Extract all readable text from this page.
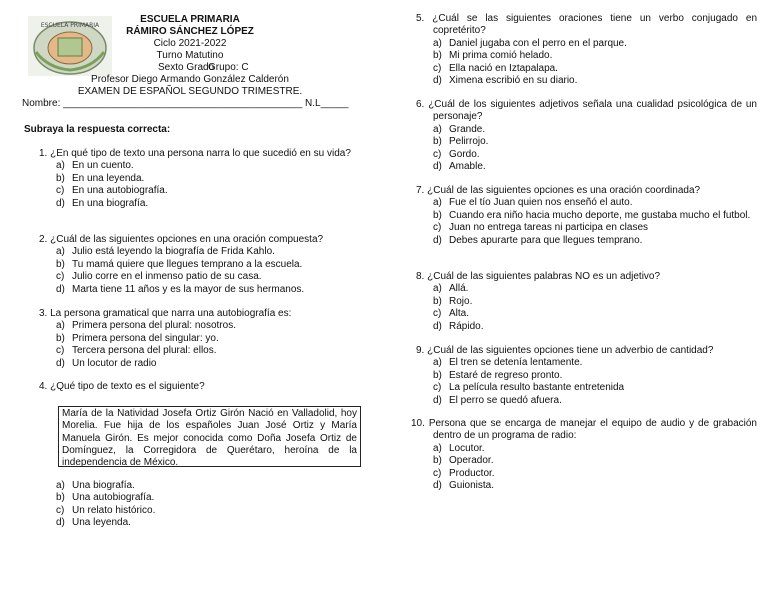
ESCUELA PRIMARIA
ESCUELA PRIMARIA
RÁMIRO SÁNCHEZ LÓPEZ
Ciclo 2021-2022
Turno Matutino
Sexto Grado
Grupo: C
Profesor Diego Armando González Calderón
EXAMEN DE ESPAÑOL SEGUNDO TRIMESTRE.
Nombre: ___________________________________________ N.L_____
Subraya la respuesta correcta:
1. ¿En qué tipo de texto una persona narra lo que sucedió en su vida?
a) En un cuento.
b) En una leyenda.
c) En una autobiografía.
d) En una biografía.
2. ¿Cuál de las siguientes opciones en una oración compuesta?
a) Julio está leyendo la biografía de Frida Kahlo.
b) Tu mamá quiere que llegues temprano a la escuela.
c) Julio corre en el inmenso patio de su casa.
d) Marta tiene 11 años y es la mayor de sus hermanos.
3. La persona gramatical que narra una autobiografía es:
a) Primera persona del plural: nosotros.
b) Primera persona del singular: yo.
c) Tercera persona del plural: ellos.
d) Un locutor de radio
4. ¿Qué tipo de texto es el siguiente?
María de la Natividad Josefa Ortiz Girón Nació en Valladolid, hoy Morelia. Fue hija de los españoles Juan José Ortiz y María Manuela Girón. Es mejor conocida como Doña Josefa Ortiz de Domínguez, la Corregidora de Querétaro, heroína de la independencia de México.
a) Una biografía.
b) Una autobiografía.
c) Un relato histórico.
d) Una leyenda.
5. ¿Cuál se las siguientes oraciones tiene un verbo conjugado en copretérito?
a) Daniel jugaba con el perro en el parque.
b) Mi prima comió helado.
c) Ella nació en Iztapalapa.
d) Ximena escribió en su diario.
6. ¿Cuál de los siguientes adjetivos señala una cualidad psicológica de un personaje?
a) Grande.
b) Pelirrojo.
c) Gordo.
d) Amable.
7. ¿Cuál de las siguientes opciones es una oración coordinada?
a) Fue el tío Juan quien nos enseñó el auto.
b) Cuando era niño hacia mucho deporte, me gustaba mucho el futbol.
c) Juan no entrega tareas ni participa en clases
d) Debes apurarte para que llegues temprano.
8. ¿Cuál de las siguientes palabras NO es un adjetivo?
a) Allá.
b) Rojo.
c) Alta.
d) Rápido.
9. ¿Cuál de las siguientes opciones tiene un adverbio de cantidad?
a) El tren se detenía lentamente.
b) Estaré de regreso pronto.
c) La película resulto bastante entretenida
d) El perro se quedó afuera.
10. Persona que se encarga de manejar el equipo de audio y de grabación dentro de un programa de radio:
a) Locutor.
b) Operador.
c) Productor.
d) Guionista.
